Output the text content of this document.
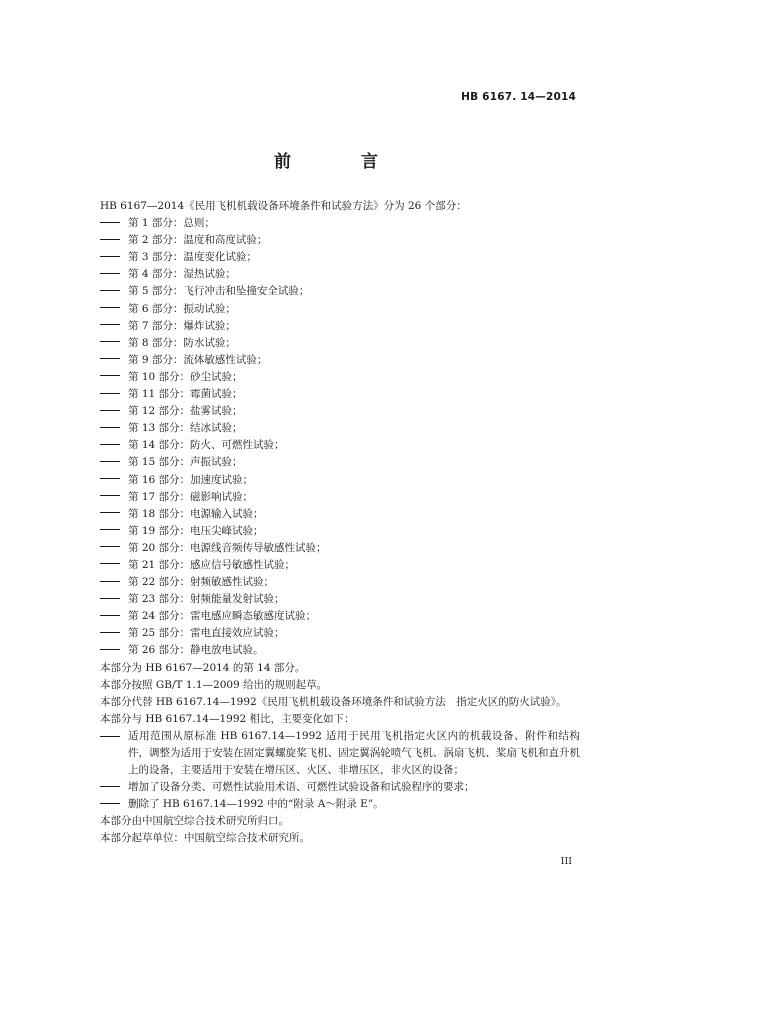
HB 6167. 14—2014
前 言
HB 6167—2014《民用飞机机载设备环境条件和试验方法》分为 26 个部分：
第 1 部分：总则；
第 2 部分：温度和高度试验；
第 3 部分：温度变化试验；
第 4 部分：湿热试验；
第 5 部分：飞行冲击和坠撞安全试验；
第 6 部分：振动试验；
第 7 部分：爆炸试验；
第 8 部分：防水试验；
第 9 部分：流体敏感性试验；
第 10 部分：砂尘试验；
第 11 部分：霉菌试验；
第 12 部分：盐雾试验；
第 13 部分：结冰试验；
第 14 部分：防火、可燃性试验；
第 15 部分：声振试验；
第 16 部分：加速度试验；
第 17 部分：磁影响试验；
第 18 部分：电源输入试验；
第 19 部分：电压尖峰试验；
第 20 部分：电源线音频传导敏感性试验；
第 21 部分：感应信号敏感性试验；
第 22 部分：射频敏感性试验；
第 23 部分：射频能量发射试验；
第 24 部分：雷电感应瞬态敏感度试验；
第 25 部分：雷电直接效应试验；
第 26 部分：静电放电试验。
本部分为 HB 6167—2014 的第 14 部分。
本部分按照 GB/T 1.1—2009 给出的规则起草。
本部分代替 HB 6167.14—1992《民用飞机机载设备环境条件和试验方法　指定火区的防火试验》。
本部分与 HB 6167.14—1992 相比，主要变化如下：
适用范围从原标准 HB 6167.14—1992 适用于民用飞机指定火区内的机载设备、附件和结构件，调整为适用于安装在固定翼螺旋桨飞机、固定翼涡轮喷气飞机、涡扇飞机、桨扇飞机和直升机上的设备，主要适用于安装在增压区、火区、非增压区，非火区的设备；
增加了设备分类、可燃性试验用术语、可燃性试验设备和试验程序的要求；
删除了 HB 6167.14—1992 中的“附录 A～附录 E”。
本部分由中国航空综合技术研究所归口。
本部分起草单位：中国航空综合技术研究所。
III
